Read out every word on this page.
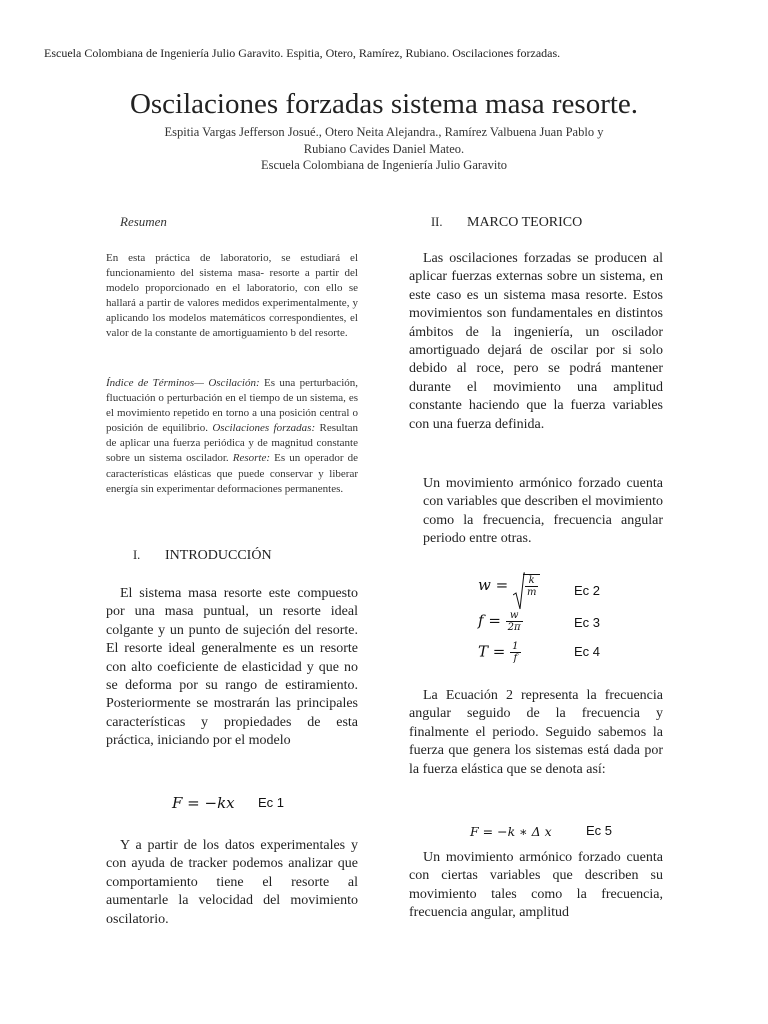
Escuela Colombiana de Ingeniería Julio Garavito. Espitia, Otero, Ramírez, Rubiano. Oscilaciones forzadas.
Oscilaciones forzadas sistema masa resorte.
Espitia Vargas Jefferson Josué., Otero Neita Alejandra., Ramírez Valbuena Juan Pablo y
Rubiano Cavides Daniel Mateo.
Escuela Colombiana de Ingeniería Julio Garavito
Resumen
En esta práctica de laboratorio, se estudiará el funcionamiento del sistema masa- resorte a partir del modelo proporcionado en el laboratorio, con ello se hallará a partir de valores medidos experimentalmente, y aplicando los modelos matemáticos correspondientes, el valor de la constante de amortiguamiento b del resorte.
Índice de Términos— Oscilación: Es una perturbación, fluctuación o perturbación en el tiempo de un sistema, es el movimiento repetido en torno a una posición central o posición de equilibrio. Oscilaciones forzadas: Resultan de aplicar una fuerza periódica y de magnitud constante sobre un sistema oscilador. Resorte: Es un operador de características elásticas que puede conservar y liberar energía sin experimentar deformaciones permanentes.
I. INTRODUCCIÓN
El sistema masa resorte este compuesto por una masa puntual, un resorte ideal colgante y un punto de sujeción del resorte. El resorte ideal generalmente es un resorte con alto coeficiente de elasticidad y que no se deforma por su rango de estiramiento. Posteriormente se mostrarán las principales características y propiedades de esta práctica, iniciando por el modelo
F = −kx Ec 1
Y a partir de los datos experimentales y con ayuda de tracker podemos analizar que comportamiento tiene el resorte al aumentarle la velocidad del movimiento oscilatorio.
II. MARCO TEORICO
Las oscilaciones forzadas se producen al aplicar fuerzas externas sobre un sistema, en este caso es un sistema masa resorte. Estos movimientos son fundamentales en distintos ámbitos de la ingeniería, un oscilador amortiguado dejará de oscilar por si solo debido al roce, pero se podrá mantener durante el movimiento una amplitud constante haciendo que la fuerza variables con una fuerza definida.
Un movimiento armónico forzado cuenta con variables que describen el movimiento como la frecuencia, frecuencia angular periodo entre otras.
$w = \frac{k}{m}$	Ec 2
$f = \frac{w}{2\pi}$	Ec 3
$T = \frac{1}{f}$	Ec 4
La Ecuación 2 representa la frecuencia angular seguido de la frecuencia y finalmente el periodo. Seguido sabemos la fuerza que genera los sistemas está dada por la fuerza elástica que se denota así:
F = −k ∗ Δ x	Ec 5
Un movimiento armónico forzado cuenta con ciertas variables que describen su movimiento tales como la frecuencia, frecuencia angular, amplitud
